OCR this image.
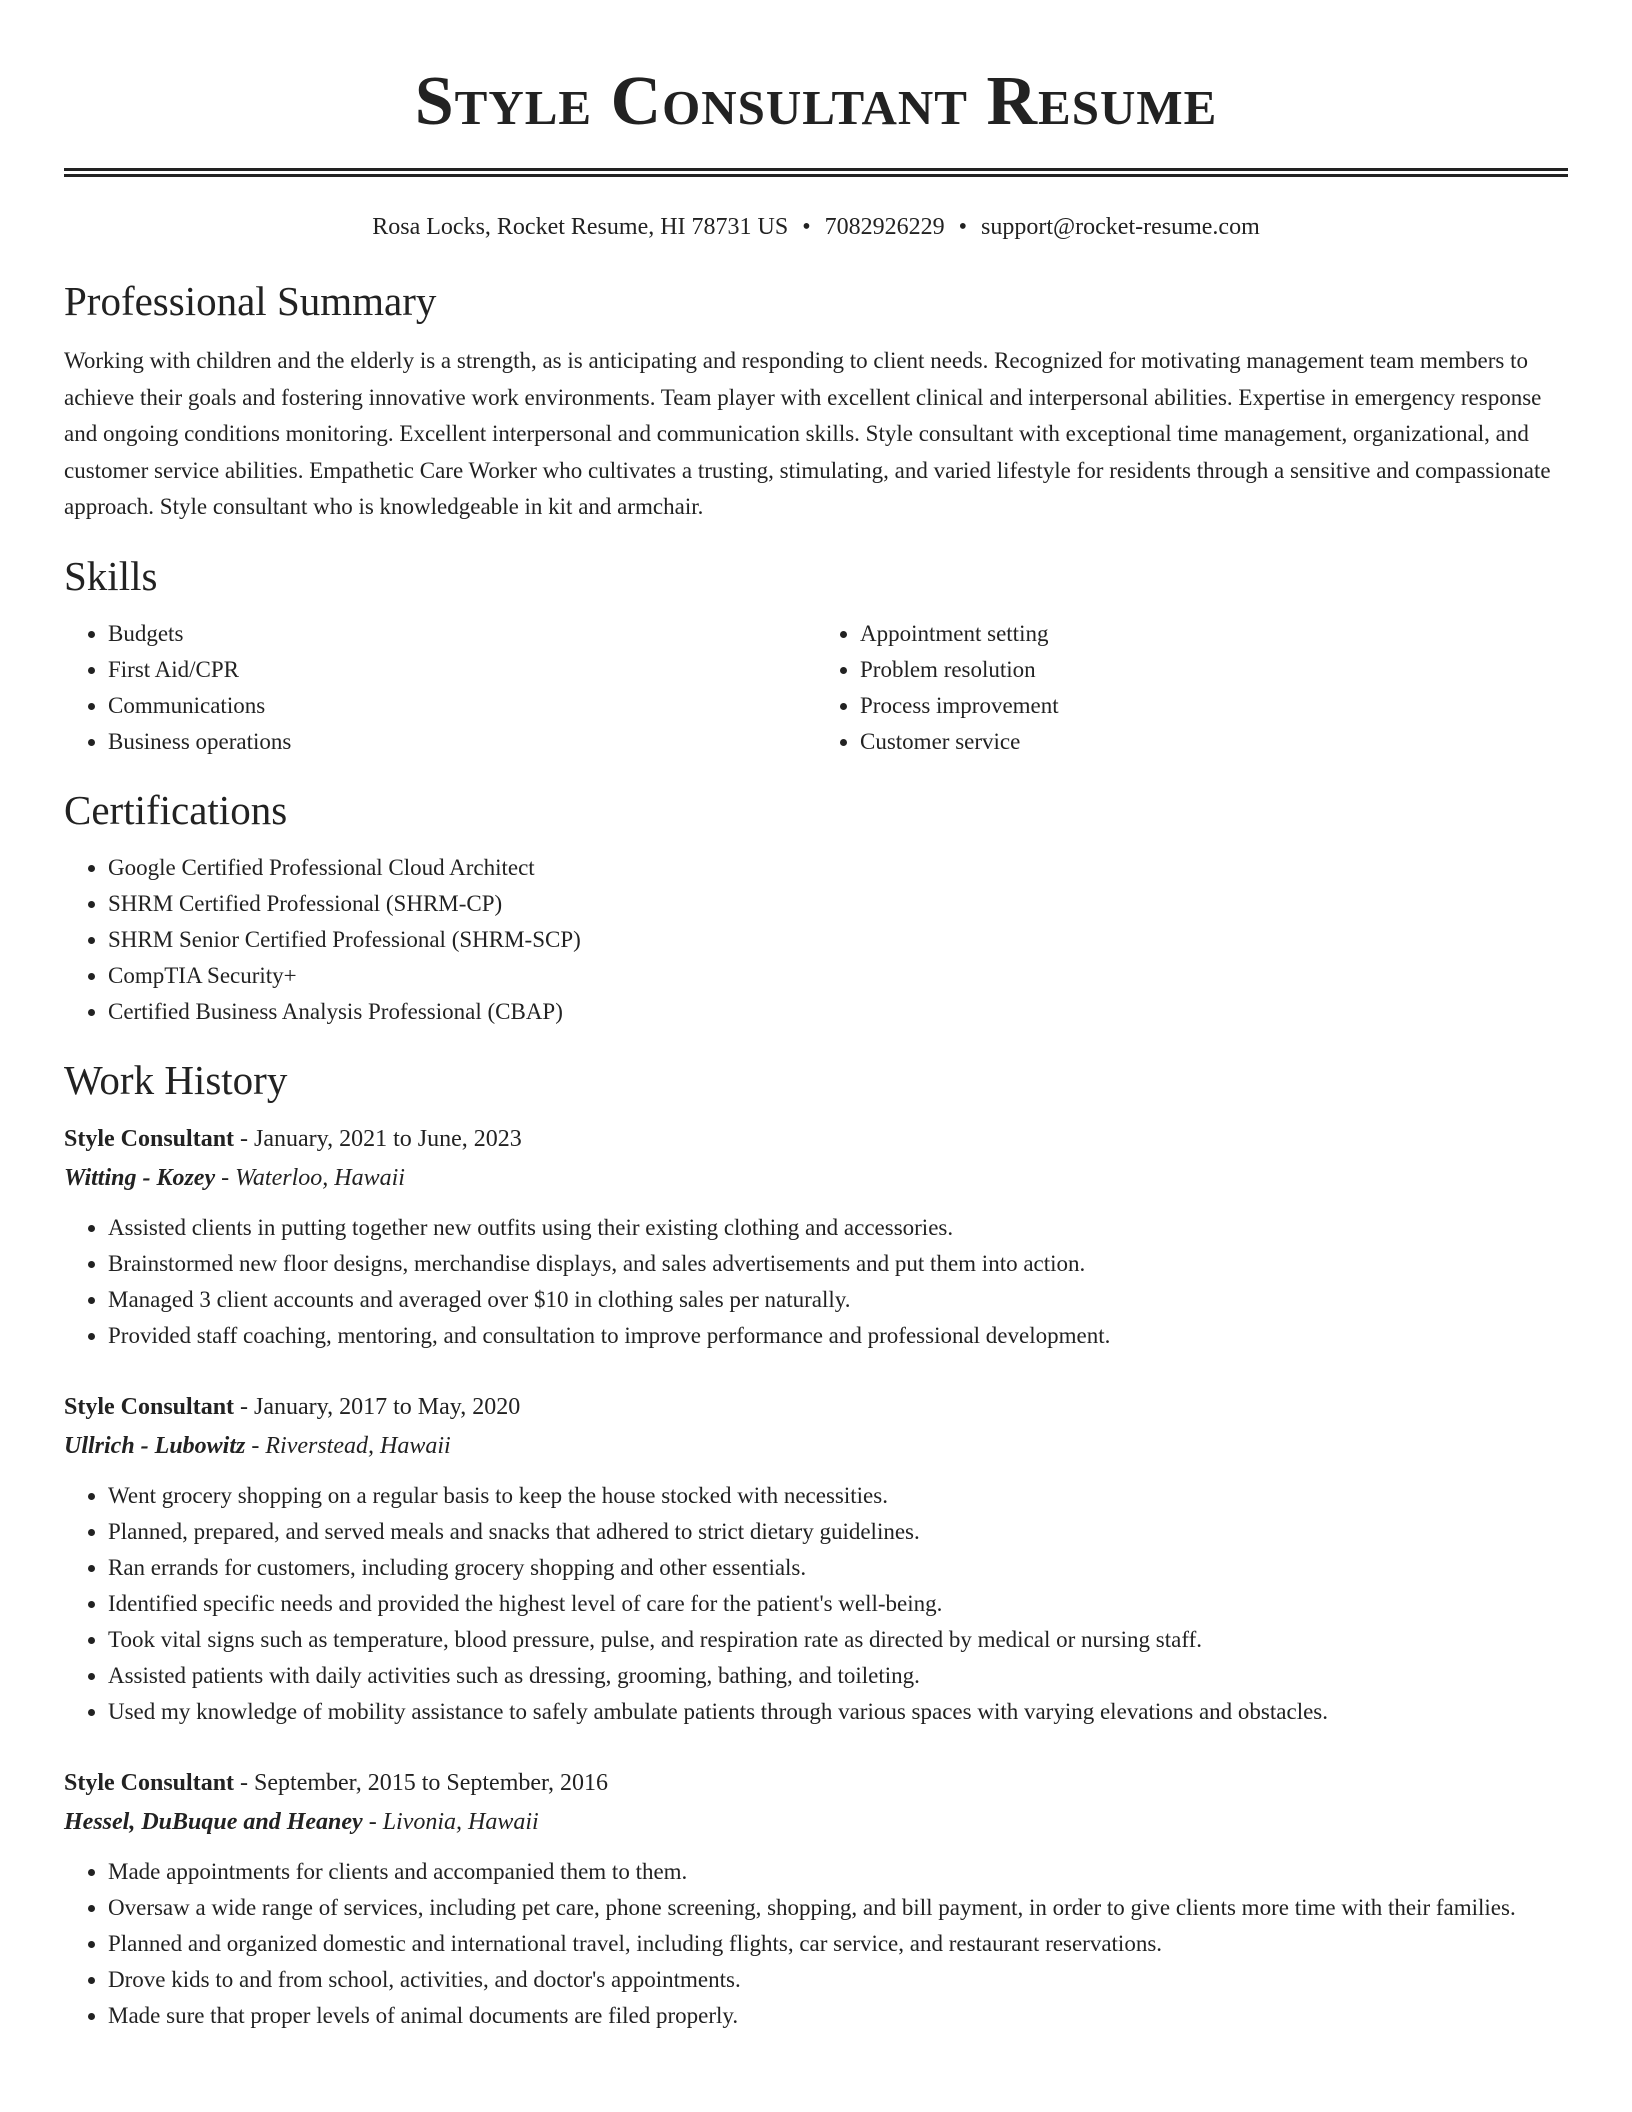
Style Consultant Resume
Rosa Locks, Rocket Resume, HI 78731 US • 7082926229 • support@rocket-resume.com
Professional Summary

Working with children and the elderly is a strength, as is anticipating and responding to client needs. Recognized for motivating management team members to achieve their goals and fostering innovative work environments. Team player with excellent clinical and interpersonal abilities. Expertise in emergency response and ongoing conditions monitoring. Excellent interpersonal and communication skills. Style consultant with exceptional time management, organizational, and customer service abilities. Empathetic Care Worker who cultivates a trusting, stimulating, and varied lifestyle for residents through a sensitive and compassionate approach. Style consultant who is knowledgeable in kit and armchair.

Skills
• Budgets
• First Aid/CPR
• Communications
• Business operations
• Appointment setting
• Problem resolution
• Process improvement
• Customer service
Certifications
• Google Certified Professional Cloud Architect
• SHRM Certified Professional (SHRM-CP)
• SHRM Senior Certified Professional (SHRM-SCP)
• CompTIA Security+
• Certified Business Analysis Professional (CBAP)
Work History
Style Consultant - January, 2021 to June, 2023
Witting - Kozey - Waterloo, Hawaii
• Assisted clients in putting together new outfits using their existing clothing and accessories.
• Brainstormed new floor designs, merchandise displays, and sales advertisements and put them into action.
• Managed 3 client accounts and averaged over $10 in clothing sales per naturally.
• Provided staff coaching, mentoring, and consultation to improve performance and professional development.
Style Consultant - January, 2017 to May, 2020
Ullrich - Lubowitz - Riverstead, Hawaii
• Went grocery shopping on a regular basis to keep the house stocked with necessities.
• Planned, prepared, and served meals and snacks that adhered to strict dietary guidelines.
• Ran errands for customers, including grocery shopping and other essentials.
• Identified specific needs and provided the highest level of care for the patient's well-being.
• Took vital signs such as temperature, blood pressure, pulse, and respiration rate as directed by medical or nursing staff.
• Assisted patients with daily activities such as dressing, grooming, bathing, and toileting.
• Used my knowledge of mobility assistance to safely ambulate patients through various spaces with varying elevations and obstacles.
Style Consultant - September, 2015 to September, 2016
Hessel, DuBuque and Heaney - Livonia, Hawaii
• Made appointments for clients and accompanied them to them.
• Oversaw a wide range of services, including pet care, phone screening, shopping, and bill payment, in order to give clients more time with their families.
• Planned and organized domestic and international travel, including flights, car service, and restaurant reservations.
• Drove kids to and from school, activities, and doctor's appointments.
• Made sure that proper levels of animal documents are filed properly.
